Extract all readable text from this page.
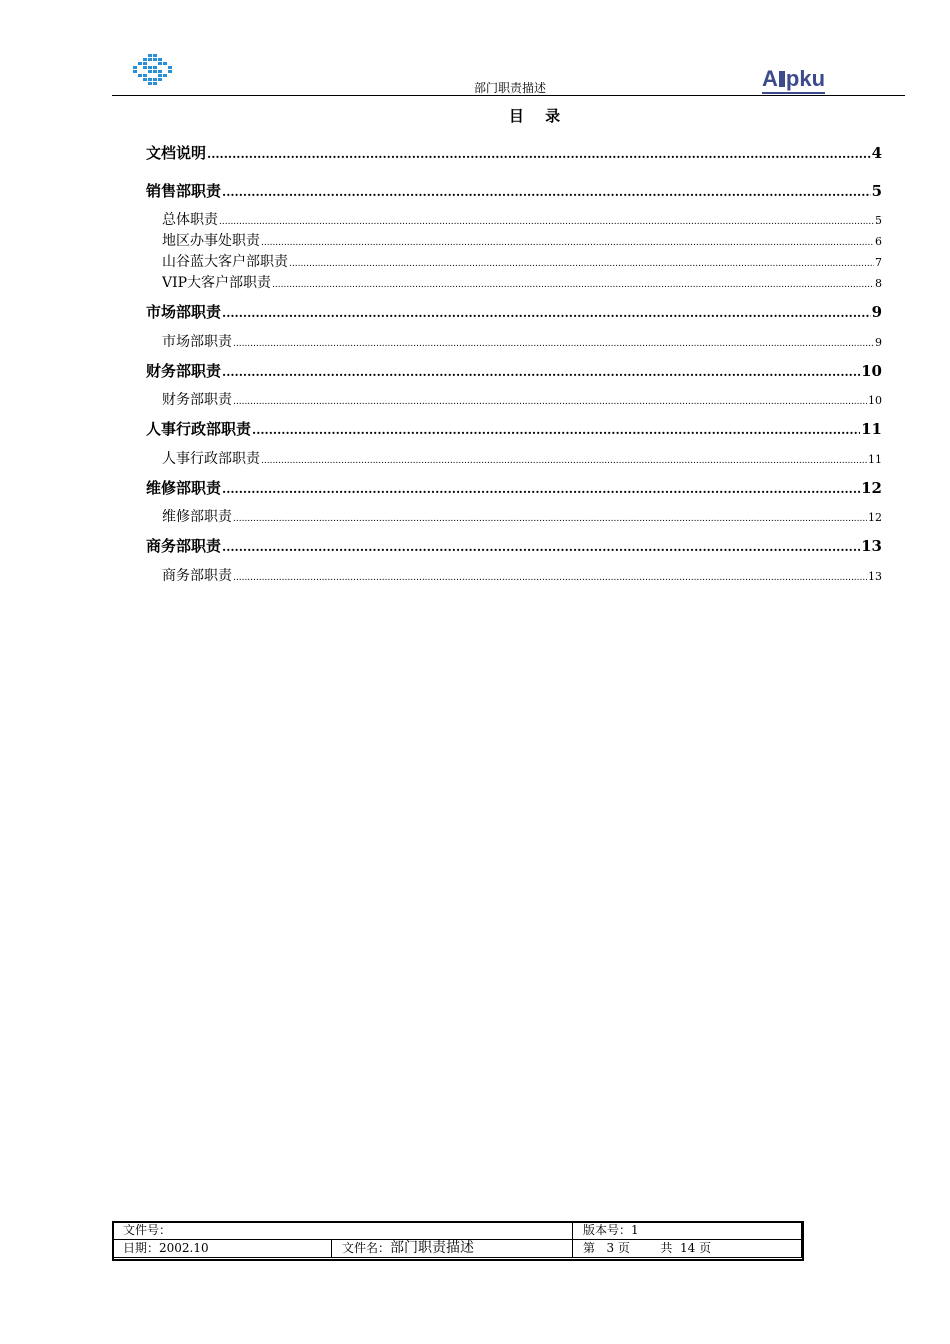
A pku
部门职责描述
目 录
文档说明 .....	4
销售部职责 .....	5
总体职责 .....	5
地区办事处职责 .....	6
山谷蓝大客户部职责 .....	7
VIP大客户部职责 .....	8
市场部职责 .....	9
市场部职责 .....	9
财务部职责 .....	10
财务部职责 .....	10
人事行政部职责 .....	11
人事行政部职责 .....	11
维修部职责 .....	12
维修部职责 .....	12
商务部职责 .....	13
商务部职责 .....	13
文件号：		版本号：1
日期：2002.10	文件名：部门职责描述	第   3 页        共  14 页
